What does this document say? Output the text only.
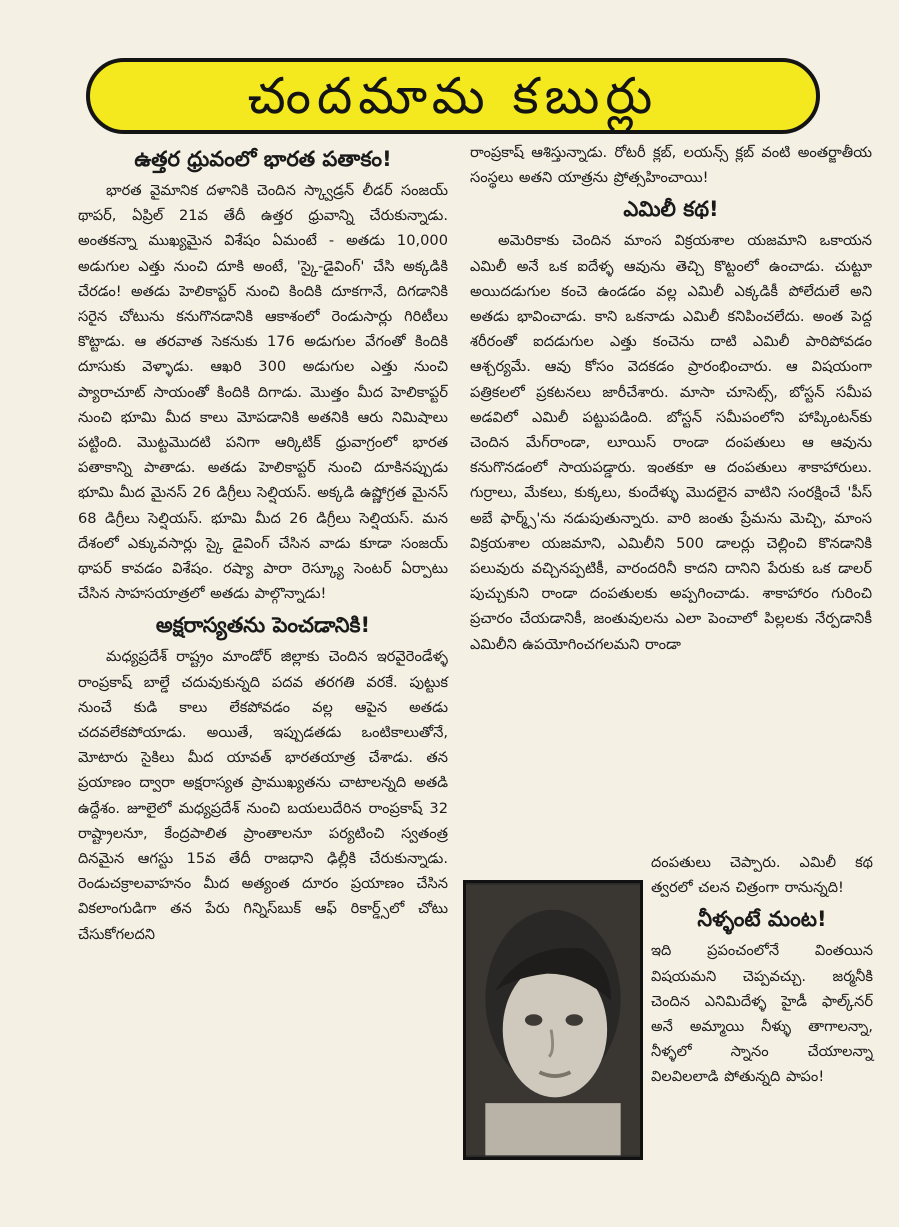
చందమామ కబుర్లు
ఉత్తర ధ్రువంలో భారత పతాకం!

భారత వైమానిక దళానికి చెందిన స్క్వాడ్రన్ లీడర్ సంజయ్ థాపర్, ఏప్రిల్ 21వ తేదీ ఉత్తర ధ్రువాన్ని చేరుకున్నాడు. అంతకన్నా ముఖ్యమైన విశేషం ఏమంటే - అతడు 10,000 అడుగుల ఎత్తు నుంచి దూకి అంటే, 'స్కై-డైవింగ్' చేసి అక్కడికి చేరడం! అతడు హెలికాప్టర్ నుంచి కిందికి దూకగానే, దిగడానికి సరైన చోటును కనుగొనడానికి ఆకాశంలో రెండుసార్లు గిరిటీలు కొట్టాడు. ఆ తరవాత సెకనుకు 176 అడుగుల వేగంతో కిందికి దూసుకు వెళ్ళాడు. ఆఖరి 300 అడుగుల ఎత్తు నుంచి ప్యారాచూట్ సాయంతో కిందికి దిగాడు. మొత్తం మీద హెలికాప్టర్ నుంచి భూమి మీద కాలు మోపడానికి అతనికి ఆరు నిమిషాలు పట్టింది. మొట్టమొదటి పనిగా ఆర్కిటిక్ ధ్రువాగ్రంలో భారత పతాకాన్ని పాతాడు. అతడు హెలికాప్టర్ నుంచి దూకినప్పుడు భూమి మీద మైనస్ 26 డిగ్రీలు సెల్షియస్. అక్కడి ఉష్ణోగ్రత మైనస్ 68 డిగ్రీలు సెల్షియస్. భూమి మీద 26 డిగ్రీలు సెల్షియస్. మన దేశంలో ఎక్కువసార్లు స్కై డైవింగ్ చేసిన వాడు కూడా సంజయ్ థాపర్ కావడం విశేషం. రష్యా పారా రెస్క్యూ సెంటర్ ఏర్పాటు చేసిన సాహసయాత్రలో అతడు పాల్గొన్నాడు!

అక్షరాస్యతను పెంచడానికి!

మధ్యప్రదేశ్ రాష్ట్రం మాండోర్ జిల్లాకు చెందిన ఇరవైరెండేళ్ళ రాంప్రకాష్ బాల్డే చదువుకున్నది పదవ తరగతి వరకే. పుట్టుక నుంచే కుడి కాలు లేకపోవడం వల్ల ఆపైన అతడు చదవలేకపోయాడు. అయితే, ఇప్పుడతడు ఒంటికాలుతోనే, మోటారు సైకిలు మీద యావత్ భారతయాత్ర చేశాడు. తన ప్రయాణం ద్వారా అక్షరాస్యత ప్రాముఖ్యతను చాటాలన్నది అతడి ఉద్దేశం. జూలైలో మధ్యప్రదేశ్ నుంచి బయలుదేరిన రాంప్రకాష్ 32 రాష్ట్రాలనూ, కేంద్రపాలిత ప్రాంతాలనూ పర్యటించి స్వతంత్ర దినమైన ఆగస్టు 15వ తేదీ రాజధాని ఢిల్లీకి చేరుకున్నాడు. రెండుచక్రాలవాహనం మీద అత్యంత దూరం ప్రయాణం చేసిన వికలాంగుడిగా తన పేరు గిన్నిస్‌బుక్ ఆఫ్ రికార్డ్స్‌లో చోటు చేసుకోగలదని

రాంప్రకాష్ ఆశిస్తున్నాడు. రోటరీ క్లబ్, లయన్స్ క్లబ్ వంటి అంతర్జాతీయ సంస్థలు అతని యాత్రను ప్రోత్సహించాయి!

ఎమిలీ కథ!

అమెరికాకు చెందిన మాంస విక్రయశాల యజమాని ఒకాయన ఎమిలీ అనే ఒక ఐదేళ్ళ ఆవును తెచ్చి కొట్టంలో ఉంచాడు. చుట్టూ అయిదడుగుల కంచె ఉండడం వల్ల ఎమిలీ ఎక్కడికీ పోలేదులే అని అతడు భావించాడు. కాని ఒకనాడు ఎమిలీ కనిపించలేదు. అంత పెద్ద శరీరంతో ఐదడుగుల ఎత్తు కంచెను దాటి ఎమిలీ పారిపోవడం ఆశ్చర్యమే. ఆవు కోసం వెదకడం ప్రారంభించారు. ఆ విషయంగా పత్రికలలో ప్రకటనలు జారీచేశారు. మాసా చూసెట్స్, బోస్టన్ సమీప అడవిలో ఎమిలీ పట్టుపడింది. బోస్టన్ సమీపంలోని హాప్కింటన్‌కు చెందిన మేగ్‌రాండా, లూయిస్ రాండా దంపతులు ఆ ఆవును కనుగొనడంలో సాయపడ్డారు. ఇంతకూ ఆ దంపతులు శాకాహారులు. గుర్రాలు, మేకలు, కుక్కలు, కుందేళ్ళు మొదలైన వాటిని సంరక్షించే 'పీస్ అబే ఫార్మ్స్'ను నడుపుతున్నారు. వారి జంతు ప్రేమను మెచ్చి, మాంస విక్రయశాల యజమాని, ఎమిలీని 500 డాలర్లు చెల్లించి కొనడానికి పలువురు వచ్చినప్పటికీ, వారందరినీ కాదని దానిని పేరుకు ఒక డాలర్ పుచ్చుకుని రాండా దంపతులకు అప్పగించాడు. శాకాహారం గురించి ప్రచారం చేయడానికీ, జంతువులను ఎలా పెంచాలో పిల్లలకు నేర్పడానికీ ఎమిలీని ఉపయోగించగలమని రాండా

దంపతులు చెప్పారు. ఎమిలీ కథ త్వరలో చలన చిత్రంగా రానున్నది!

నీళ్ళంటే మంట!

ఇది ప్రపంచంలోనే వింతయిన విషయమని చెప్పవచ్చు. జర్మనీకి చెందిన ఎనిమిదేళ్ళ హైడీ ఫాల్క్‌నర్ అనే అమ్మాయి నీళ్ళు తాగాలన్నా, నీళ్ళలో స్నానం చేయాలన్నా విలవిలలాడి పోతున్నది పాపం!
